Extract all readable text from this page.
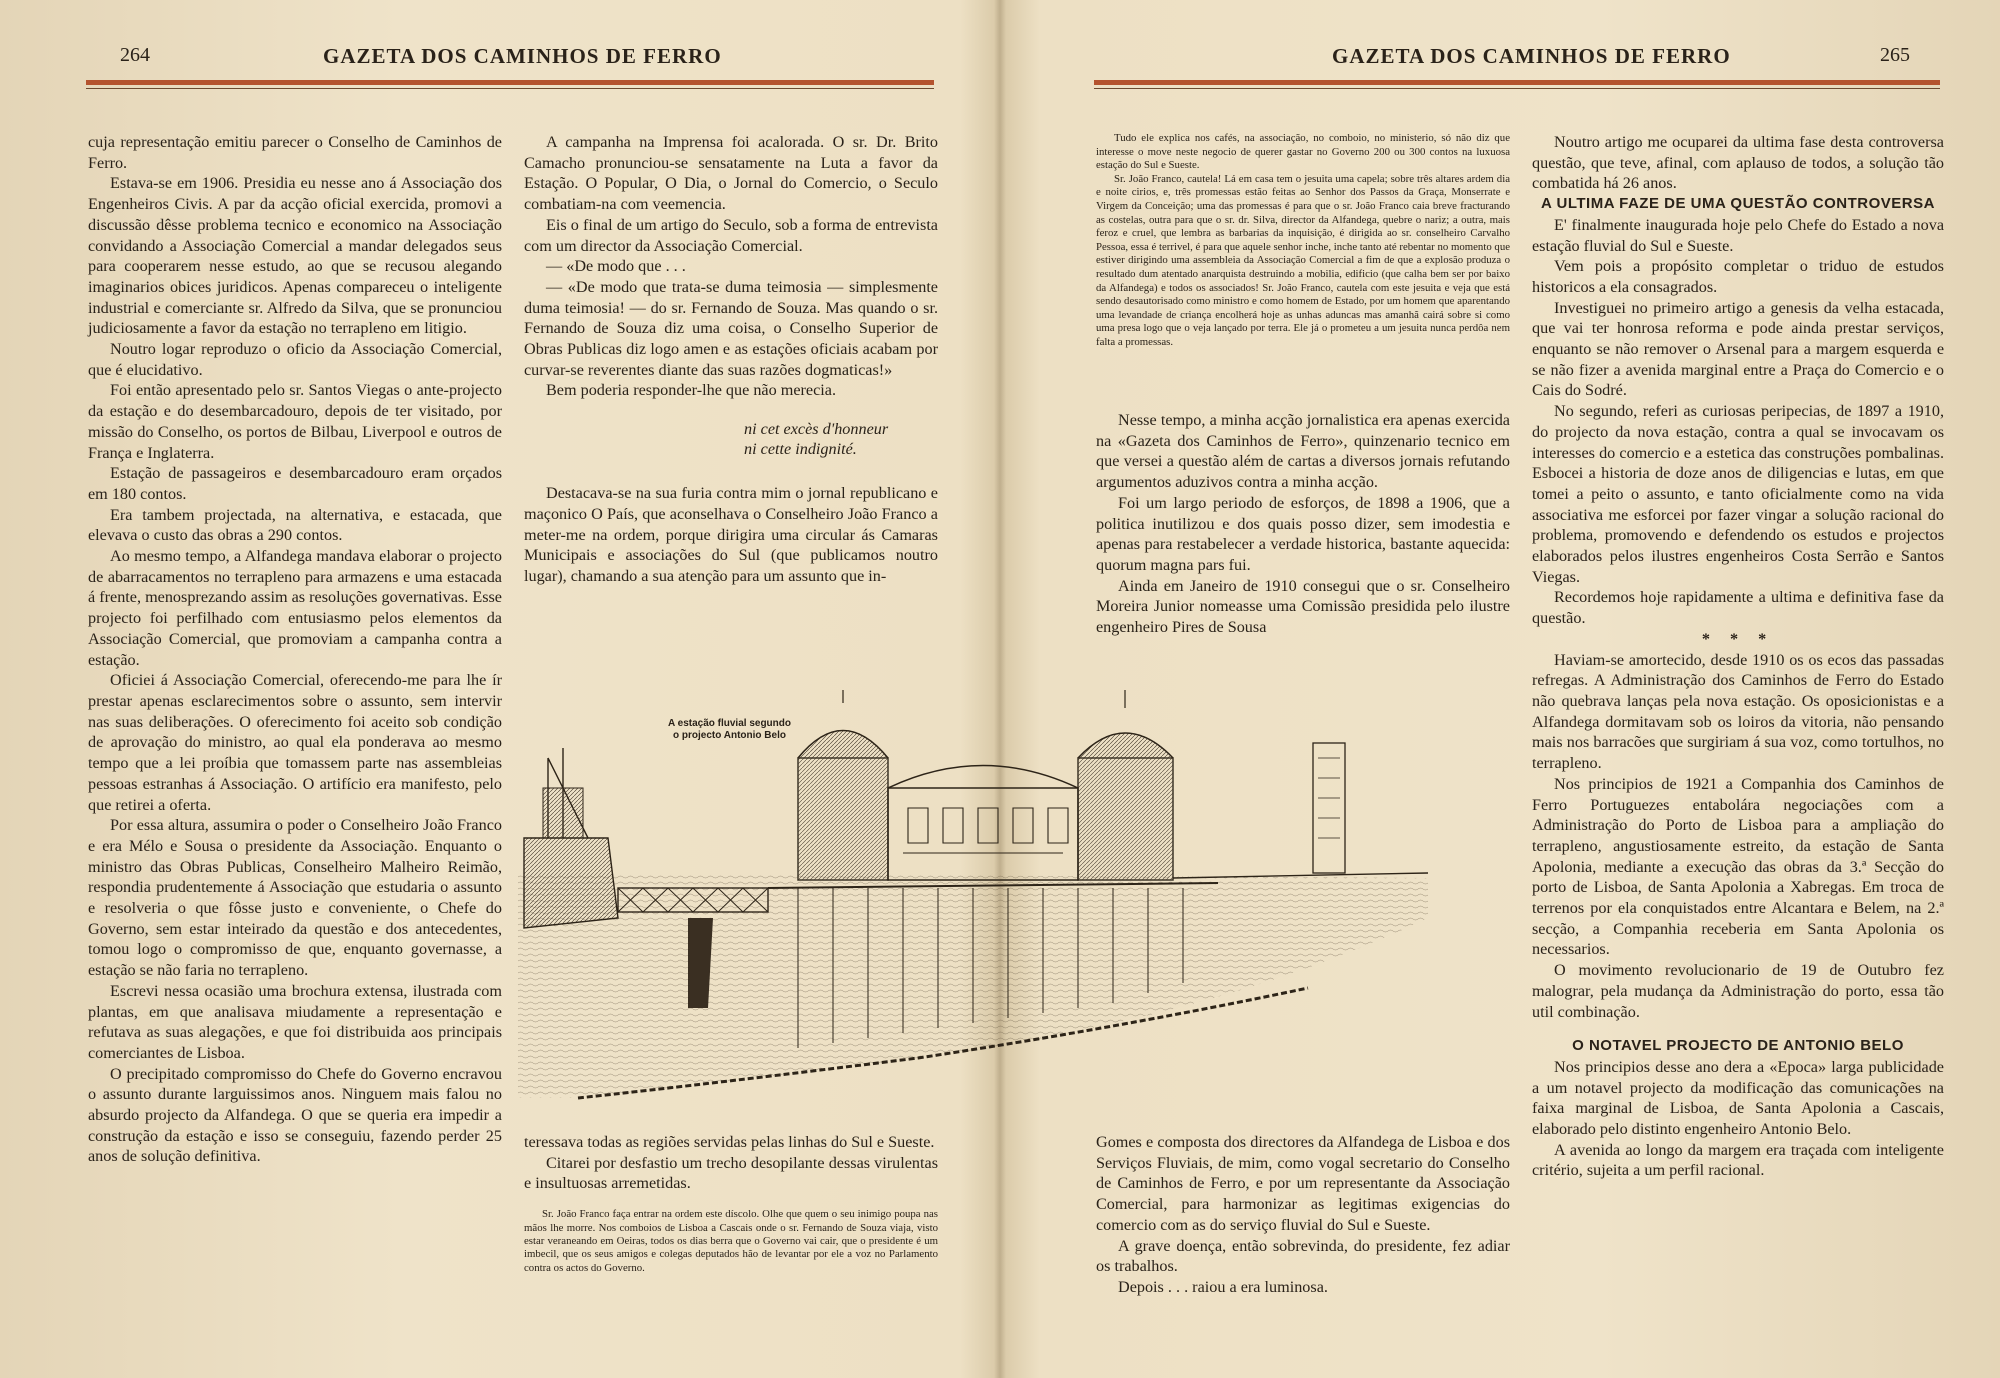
264	GAZETA DOS CAMINHOS DE FERRO	GAZETA DOS CAMINHOS DE FERRO	265

cuja representação emitiu parecer o Conselho de Caminhos de Ferro.

Estava-se em 1906. Presidia eu nesse ano á Associação dos Engenheiros Civis. A par da acção oficial exercida, promovi a discussão dêsse problema tecnico e economico na Associação convidando a Associação Comercial a mandar delegados seus para cooperarem nesse estudo, ao que se recusou alegando imaginarios obices juridicos. Apenas compareceu o inteligente industrial e comerciante sr. Alfredo da Silva, que se pronunciou judiciosamente a favor da estação no terrapleno em litigio.

Noutro logar reproduzo o oficio da Associação Comercial, que é elucidativo.

Foi então apresentado pelo sr. Santos Viegas o ante-projecto da estação e do desembarcadouro, depois de ter visitado, por missão do Conselho, os portos de Bilbau, Liverpool e outros de França e Inglaterra.

Estação de passageiros e desembarcadouro eram orçados em 180 contos.

Era tambem projectada, na alternativa, e estacada, que elevava o custo das obras a 290 contos.

Ao mesmo tempo, a Alfandega mandava elaborar o projecto de abarracamentos no terrapleno para armazens e uma estacada á frente, menosprezando assim as resoluções governativas. Esse projecto foi perfilhado com entusiasmo pelos elementos da Associação Comercial, que promoviam a campanha contra a estação.

Oficiei á Associação Comercial, oferecendo-me para lhe ír prestar apenas esclarecimentos sobre o assunto, sem intervir nas suas deliberações. O oferecimento foi aceito sob condição de aprovação do ministro, ao qual ela ponderava ao mesmo tempo que a lei proíbia que tomassem parte nas assembleias pessoas estranhas á Associação. O artifício era manifesto, pelo que retirei a oferta.

Por essa altura, assumira o poder o Conselheiro João Franco e era Mélo e Sousa o presidente da Associação. Enquanto o ministro das Obras Publicas, Conselheiro Malheiro Reimão, respondia prudentemente á Associação que estudaria o assunto e resolveria o que fôsse justo e conveniente, o Chefe do Governo, sem estar inteirado da questão e dos antecedentes, tomou logo o compromisso de que, enquanto governasse, a estação se não faria no terrapleno.

Escrevi nessa ocasião uma brochura extensa, ilustrada com plantas, em que analisava miudamente a representação e refutava as suas alegações, e que foi distribuida aos principais comerciantes de Lisboa.

O precipitado compromisso do Chefe do Governo encravou o assunto durante larguissimos anos. Ninguem mais falou no absurdo projecto da Alfandega. O que se queria era impedir a construção da estação e isso se conseguiu, fazendo perder 25 anos de solução definitiva.

A campanha na Imprensa foi acalorada. O sr. Dr. Brito Camacho pronunciou-se sensatamente na Luta a favor da Estação. O Popular, O Dia, o Jornal do Comercio, o Seculo combatiam-na com veemencia.

Eis o final de um artigo do Seculo, sob a forma de entrevista com um director da Associação Comercial.

— «De modo que . . .

— «De modo que trata-se duma teimosia — simplesmente duma teimosia! — do sr. Fernando de Souza. Mas quando o sr. Fernando de Souza diz uma coisa, o Conselho Superior de Obras Publicas diz logo amen e as estações oficiais acabam por curvar-se reverentes diante das suas razões dogmaticas!»

Bem poderia responder-lhe que não merecia.

ni cet excès d'honneur
ni cette indignité.

Destacava-se na sua furia contra mim o jornal republicano e maçonico O País, que aconselhava o Conselheiro João Franco a meter-me na ordem, porque dirigira uma circular ás Camaras Municipais e associações do Sul (que publicamos noutro lugar), chamando a sua atenção para um assunto que in-

teressava todas as regiões servidas pelas linhas do Sul e Sueste.

Citarei por desfastio um trecho desopilante dessas virulentas e insultuosas arremetidas.

Sr. João Franco faça entrar na ordem este díscolo. Olhe que quem o seu inimigo poupa nas mãos lhe morre. Nos comboios de Lisboa a Cascais onde o sr. Fernando de Souza viaja, visto estar veraneando em Oeiras, todos os dias berra que o Governo vai cair, que o presidente é um imbecil, que os seus amigos e colegas deputados hão de levantar por ele a voz no Parlamento contra os actos do Governo.

Tudo ele explica nos cafés, na associação, no comboio, no ministerio, só não diz que interesse o move neste negocio de querer gastar no Governo 200 ou 300 contos na luxuosa estação do Sul e Sueste.

Sr. João Franco, cautela! Lá em casa tem o jesuita uma capela; sobre três altares ardem dia e noite cirios, e, três promessas estão feitas ao Senhor dos Passos da Graça, Monserrate e Virgem da Conceição; uma das promessas é para que o sr. João Franco caia breve fracturando as costelas, outra para que o sr. dr. Silva, director da Alfandega, quebre o nariz; a outra, mais feroz e cruel, que lembra as barbarias da inquisição, é dirigida ao sr. conselheiro Carvalho Pessoa, essa é terrivel, é para que aquele senhor inche, inche tanto até rebentar no momento que estiver dirigindo uma assembleia da Associação Comercial a fim de que a explosão produza o resultado dum atentado anarquista destruindo a mobilia, edificio (que calha bem ser por baixo da Alfandega) e todos os associados! Sr. João Franco, cautela com este jesuita e veja que está sendo desautorisado como ministro e como homem de Estado, por um homem que aparentando uma levandade de criança encolherá hoje as unhas aduncas mas amanhã cairá sobre si como uma presa logo que o veja lançado por terra. Ele já o prometeu a um jesuita nunca perdôa nem falta a promessas.

Nesse tempo, a minha acção jornalistica era apenas exercida na «Gazeta dos Caminhos de Ferro», quinzenario tecnico em que versei a questão além de cartas a diversos jornais refutando argumentos aduzivos contra a minha acção.

Foi um largo periodo de esforços, de 1898 a 1906, que a politica inutilizou e dos quais posso dizer, sem imodestia e apenas para restabelecer a verdade historica, bastante aquecida: quorum magna pars fui.

Ainda em Janeiro de 1910 consegui que o sr. Conselheiro Moreira Junior nomeasse uma Comissão presidida pelo ilustre engenheiro Pires de Sousa

Gomes e composta dos directores da Alfandega de Lisboa e dos Serviços Fluviais, de mim, como vogal secretario do Conselho de Caminhos de Ferro, e por um representante da Associação Comercial, para harmonizar as legitimas exigencias do comercio com as do serviço fluvial do Sul e Sueste.

A grave doença, então sobrevinda, do presidente, fez adiar os trabalhos.

Depois . . . raiou a era luminosa.

Noutro artigo me ocuparei da ultima fase desta controversa questão, que teve, afinal, com aplauso de todos, a solução tão combatida há 26 anos.

A ULTIMA FAZE DE UMA QUESTÃO CONTROVERSA

E' finalmente inaugurada hoje pelo Chefe do Estado a nova estação fluvial do Sul e Sueste.

Vem pois a propósito completar o triduo de estudos historicos a ela consagrados.

Investiguei no primeiro artigo a genesis da velha estacada, que vai ter honrosa reforma e pode ainda prestar serviços, enquanto se não remover o Arsenal para a margem esquerda e se não fizer a avenida marginal entre a Praça do Comercio e o Cais do Sodré.

No segundo, referi as curiosas peripecias, de 1897 a 1910, do projecto da nova estação, contra a qual se invocavam os interesses do comercio e a estetica das construções pombalinas. Esbocei a historia de doze anos de diligencias e lutas, em que tomei a peito o assunto, e tanto oficialmente como na vida associativa me esforcei por fazer vingar a solução racional do problema, promovendo e defendendo os estudos e projectos elaborados pelos ilustres engenheiros Costa Serrão e Santos Viegas.

Recordemos hoje rapidamente a ultima e definitiva fase da questão.

* * *

Haviam-se amortecido, desde 1910 os os ecos das passadas refregas. A Administração dos Caminhos de Ferro do Estado não quebrava lanças pela nova estação. Os oposicionistas e a Alfandega dormitavam sob os loiros da vitoria, não pensando mais nos barracões que surgiriam á sua voz, como tortulhos, no terrapleno.

Nos principios de 1921 a Companhia dos Caminhos de Ferro Portuguezes entabolára negociações com a Administração do Porto de Lisboa para a ampliação do terrapleno, angustiosamente estreito, da estação de Santa Apolonia, mediante a execução das obras da 3.ª Secção do porto de Lisboa, de Santa Apolonia a Xabregas. Em troca de terrenos por ela conquistados entre Alcantara e Belem, na 2.ª secção, a Companhia receberia em Santa Apolonia os necessarios.

O movimento revolucionario de 19 de Outubro fez malograr, pela mudança da Administração do porto, essa tão util combinação.

O NOTAVEL PROJECTO DE ANTONIO BELO

Nos principios desse ano dera a «Epoca» larga publicidade a um notavel projecto da modificação das comunicações na faixa marginal de Lisboa, de Santa Apolonia a Cascais, elaborado pelo distinto engenheiro Antonio Belo.

A avenida ao longo da margem era traçada com inteligente critério, sujeita a um perfil racional.

A estação fluvial segundo
o projecto Antonio Belo
